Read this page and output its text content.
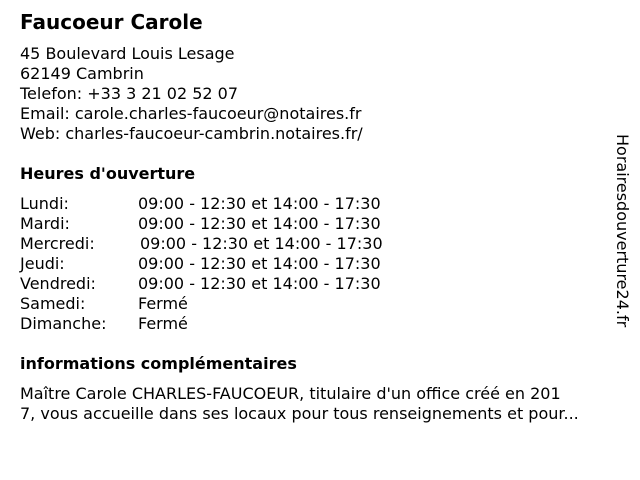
Faucoeur Carole
45 Boulevard Louis Lesage
62149 Cambrin
Telefon: +33 3 21 02 52 07
Email: carole.charles-faucoeur@notaires.fr
Web: charles-faucoeur-cambrin.notaires.fr/
Heures d'ouverture
Lundi:	09:00 - 12:30 et 14:00 - 17:30
Mardi:	09:00 - 12:30 et 14:00 - 17:30
Mercredi:	09:00 - 12:30 et 14:00 - 17:30
Jeudi:	09:00 - 12:30 et 14:00 - 17:30
Vendredi:	09:00 - 12:30 et 14:00 - 17:30
Samedi:	Fermé
Dimanche: Fermé
informations complémentaires
Maître Carole CHARLES-FAUCOEUR, titulaire d'un office créé en 201
7, vous accueille dans ses locaux pour tous renseignements et pour...
Horairesdouverture24.fr
